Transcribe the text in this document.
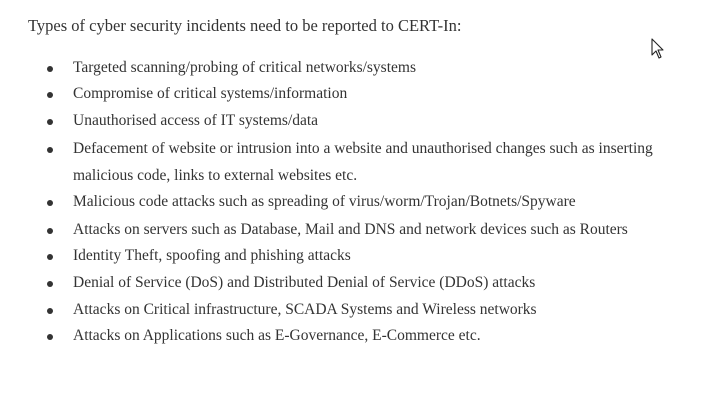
Types of cyber security incidents need to be reported to CERT-In:
Targeted scanning/probing of critical networks/systems
Compromise of critical systems/information
Unauthorised access of IT systems/data
Defacement of website or intrusion into a website and unauthorised changes such as inserting malicious code, links to external websites etc.
Malicious code attacks such as spreading of virus/worm/Trojan/Botnets/Spyware
Attacks on servers such as Database, Mail and DNS and network devices such as Routers
Identity Theft, spoofing and phishing attacks
Denial of Service (DoS) and Distributed Denial of Service (DDoS) attacks
Attacks on Critical infrastructure, SCADA Systems and Wireless networks
Attacks on Applications such as E-Governance, E-Commerce etc.
